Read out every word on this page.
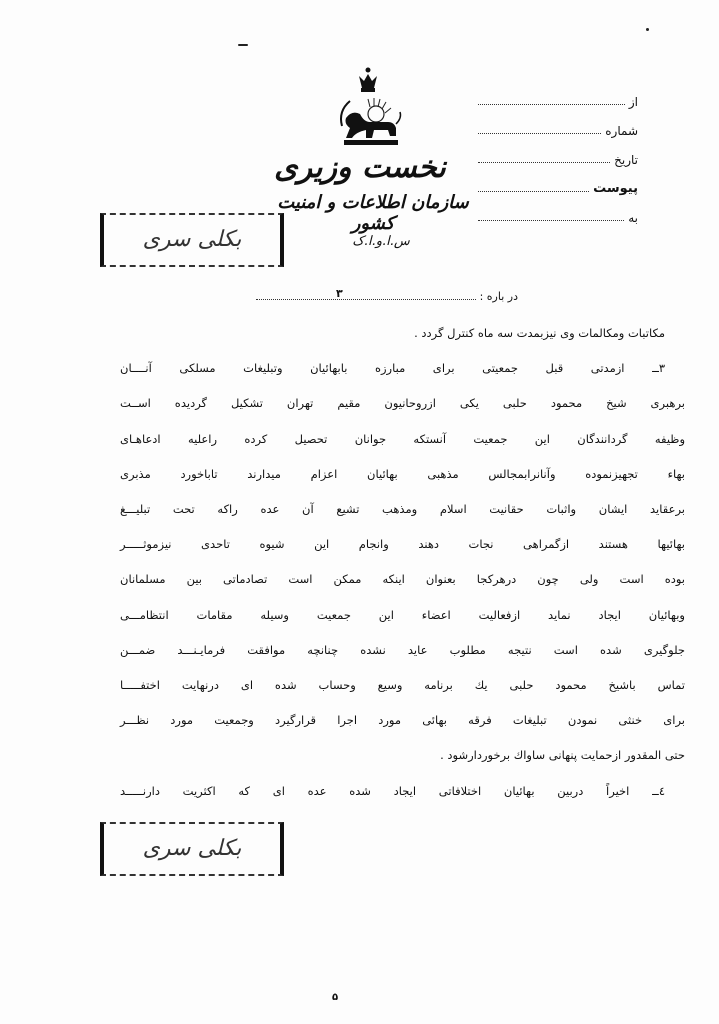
نخست وزیری
سازمان اطلاعات و امنیت کشور
س.ا.و.ا.ک
از
شماره
تاریخ
پیوست
به
بکلی سری
بکلی سری
در باره :
۳
مکاتبات ومکالمات وی نیزبمدت سه ماه کنترل گردد .
۳ــ ازمدتی قبل جمعیتی برای مبارزه بابهائیان وتبلیغات مسلکی آنــــان
برهبری شیخ محمود حلبی یکی ازروحانیون مقیم تهران تشکیل گردیده اســت
وظیفه گردانندگان این جمعیت آنستکه جوانان تحصیل کرده راعلیه ادعاهـای
بهاء تجهیزنموده وآنانرابمجالس مذهبی بهائیان اعزام میدارند تاباخورد مذبری
برعقاید ایشان واثبات حقانیت اسلام ومذهب تشیع آن عده راکه تحت تبلیـــغ
بهائیها هستند ازگمراهی نجات دهند وانجام این شیوه تاحدی نیزموثـــــر
بوده است ولی چون درهرکجا بعنوان اینکه ممکن است تصادماتی بین مسلمانان
وبهائیان ایجاد نماید ازفعالیت اعضاء این جمعیت وسیله مقامات انتظامـــی
جلوگیری شده است نتیجه مطلوب عاید نشده چنانچه موافقت فرمایـنـــد ضمـــن
تماس باشیخ محمود حلبی یك برنامه وسیع وحساب شده ای درنهایت اختفـــــا
برای خنثی نمودن تبلیغات فرقه بهائی مورد اجرا قرارگیرد وجمعیت مورد نظـــر
حتی المقدور ازحمایت پنهانی ساواك برخوردارشود .
٤ــ اخیراً دربین بهائیان اختلافاتی ایجاد شده عده ای که اکثریت دارنـــــد
۵
